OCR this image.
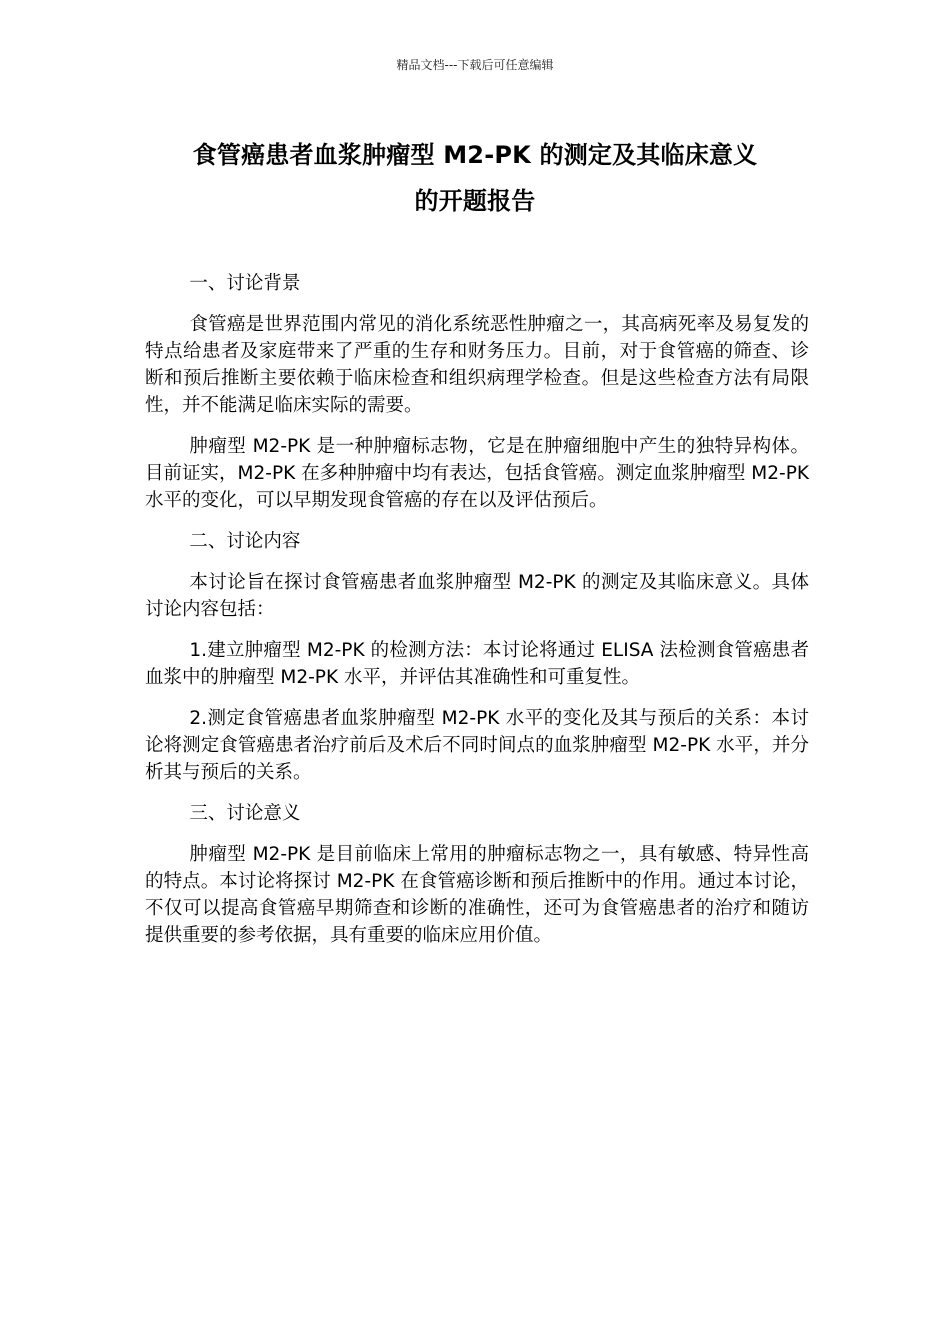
精品文档---下载后可任意编辑
食管癌患者血浆肿瘤型 M2-PK 的测定及其临床意义
的开题报告

一、讨论背景

食管癌是世界范围内常见的消化系统恶性肿瘤之一，其高病死率及易复发的特点给患者及家庭带来了严重的生存和财务压力。目前，对于食管癌的筛查、诊断和预后推断主要依赖于临床检查和组织病理学检查。但是这些检查方法有局限性，并不能满足临床实际的需要。

肿瘤型 M2-PK 是一种肿瘤标志物，它是在肿瘤细胞中产生的独特异构体。目前证实，M2-PK 在多种肿瘤中均有表达，包括食管癌。测定血浆肿瘤型 M2-PK 水平的变化，可以早期发现食管癌的存在以及评估预后。

二、讨论内容

本讨论旨在探讨食管癌患者血浆肿瘤型 M2-PK 的测定及其临床意义。具体讨论内容包括：

1.建立肿瘤型 M2-PK 的检测方法：本讨论将通过 ELISA 法检测食管癌患者血浆中的肿瘤型 M2-PK 水平，并评估其准确性和可重复性。

2.测定食管癌患者血浆肿瘤型 M2-PK 水平的变化及其与预后的关系：本讨论将测定食管癌患者治疗前后及术后不同时间点的血浆肿瘤型 M2-PK 水平，并分析其与预后的关系。

三、讨论意义

肿瘤型 M2-PK 是目前临床上常用的肿瘤标志物之一，具有敏感、特异性高的特点。本讨论将探讨 M2-PK 在食管癌诊断和预后推断中的作用。通过本讨论，不仅可以提高食管癌早期筛查和诊断的准确性，还可为食管癌患者的治疗和随访提供重要的参考依据，具有重要的临床应用价值。
